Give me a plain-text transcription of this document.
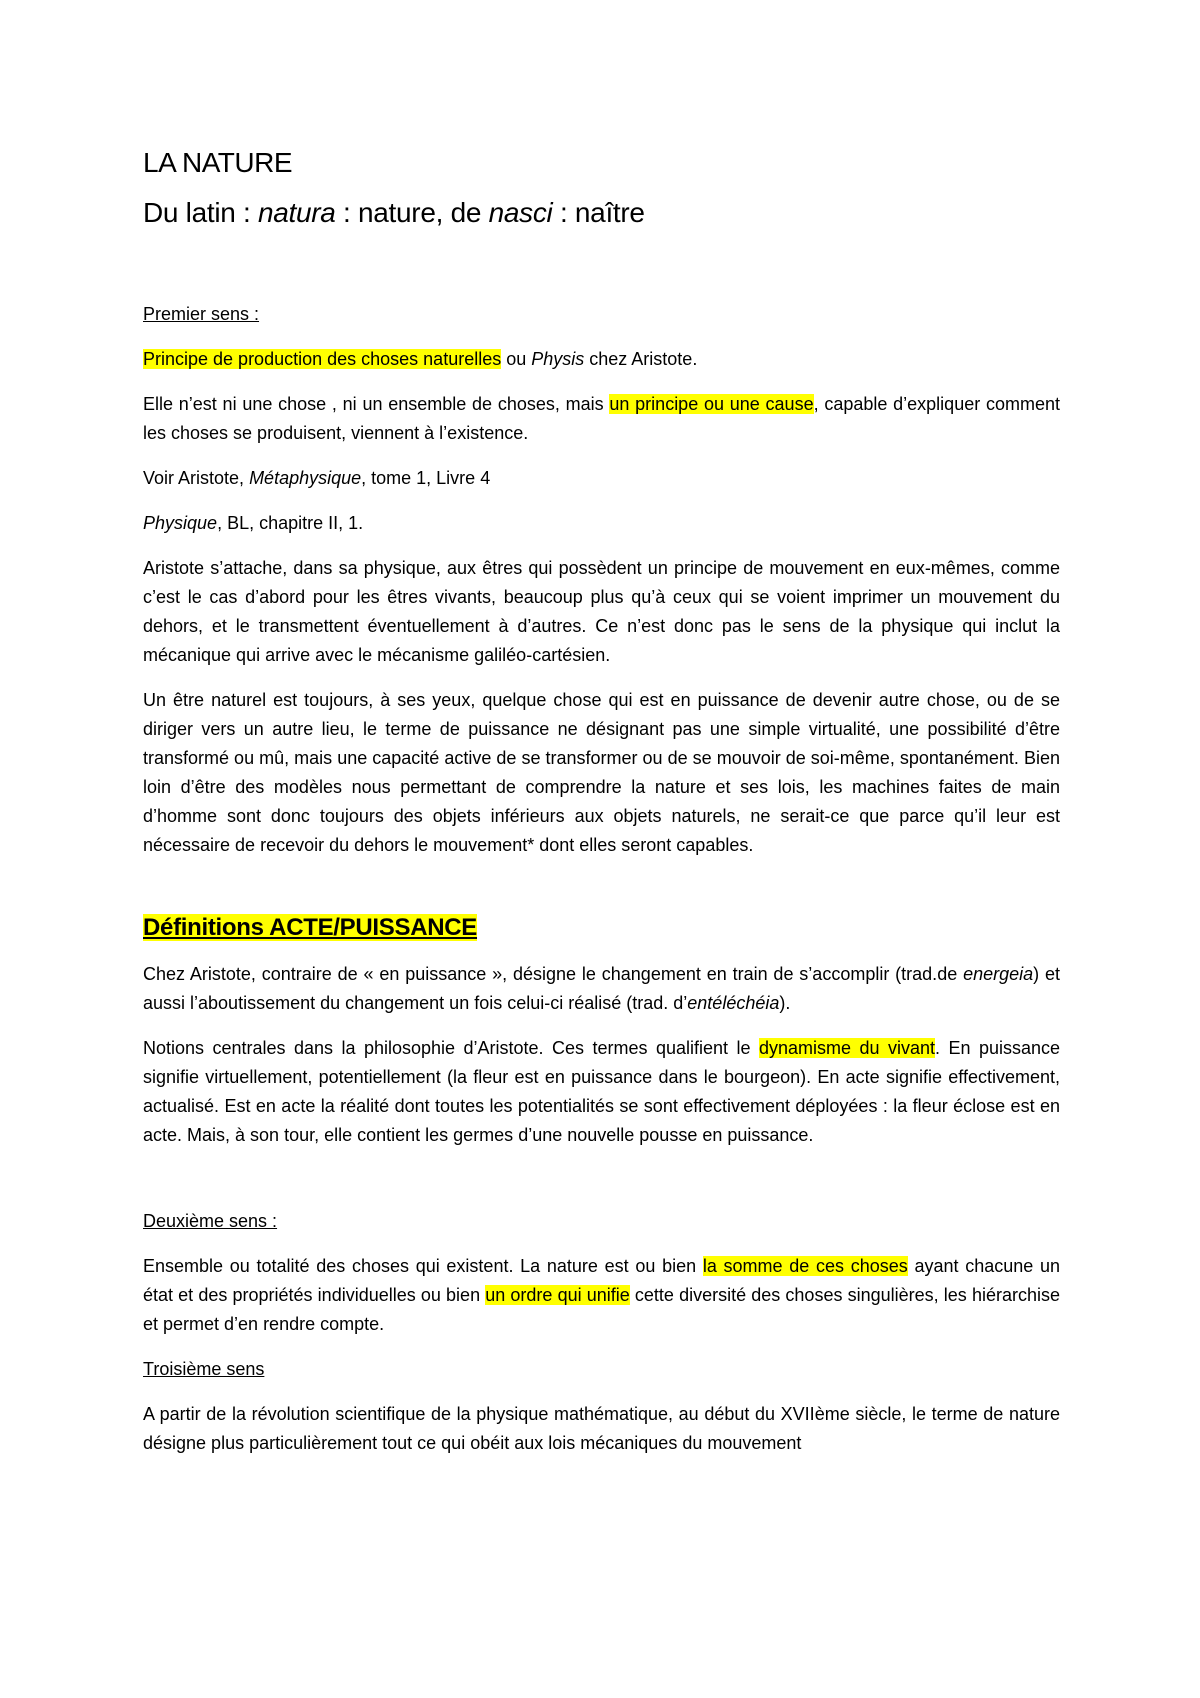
LA NATURE
Du latin : natura : nature, de nasci : naître

Premier sens :

Principe de production des choses naturelles ou Physis chez Aristote.

Elle n’est ni une chose , ni un ensemble de choses, mais un principe ou une cause, capable d’expliquer comment les choses se produisent, viennent à l’existence.

Voir Aristote, Métaphysique, tome 1, Livre 4

Physique, BL, chapitre II, 1.

Aristote s’attache, dans sa physique, aux êtres qui possèdent un principe de mouvement en eux-mêmes, comme c’est le cas d’abord pour les êtres vivants, beaucoup plus qu’à ceux qui se voient imprimer un mouvement du dehors, et le transmettent éventuellement à d’autres. Ce n’est donc pas le sens de la physique qui inclut la mécanique qui arrive avec le mécanisme galiléo-cartésien.

Un être naturel est toujours, à ses yeux, quelque chose qui est en puissance de devenir autre chose, ou de se diriger vers un autre lieu, le terme de puissance ne désignant pas une simple virtualité, une possibilité d’être transformé ou mû, mais une capacité active de se transformer ou de se mouvoir de soi-même, spontanément. Bien loin d’être des modèles nous permettant de comprendre la nature et ses lois, les machines faites de main d’homme sont donc toujours des objets inférieurs aux objets naturels, ne serait-ce que parce qu’il leur est nécessaire de recevoir du dehors le mouvement* dont elles seront capables.

Définitions ACTE/PUISSANCE

Chez Aristote, contraire de « en puissance », désigne le changement en train de s’accomplir (trad.de energeia) et aussi l’aboutissement du changement un fois celui-ci réalisé (trad. d’entéléchéia).

Notions centrales dans la philosophie d’Aristote. Ces termes qualifient le dynamisme du vivant. En puissance signifie virtuellement, potentiellement (la fleur est en puissance dans le bourgeon). En acte signifie effectivement, actualisé. Est en acte la réalité dont toutes les potentialités se sont effectivement déployées : la fleur éclose est en acte. Mais, à son tour, elle contient les germes d’une nouvelle pousse en puissance.

Deuxième sens :

Ensemble ou totalité des choses qui existent. La nature est ou bien la somme de ces choses ayant chacune un état et des propriétés individuelles ou bien un ordre qui unifie cette diversité des choses singulières, les hiérarchise et permet d’en rendre compte.

Troisième sens

A partir de la révolution scientifique de la physique mathématique, au début du XVIIème siècle, le terme de nature désigne plus particulièrement tout ce qui obéit aux lois mécaniques du mouvement
